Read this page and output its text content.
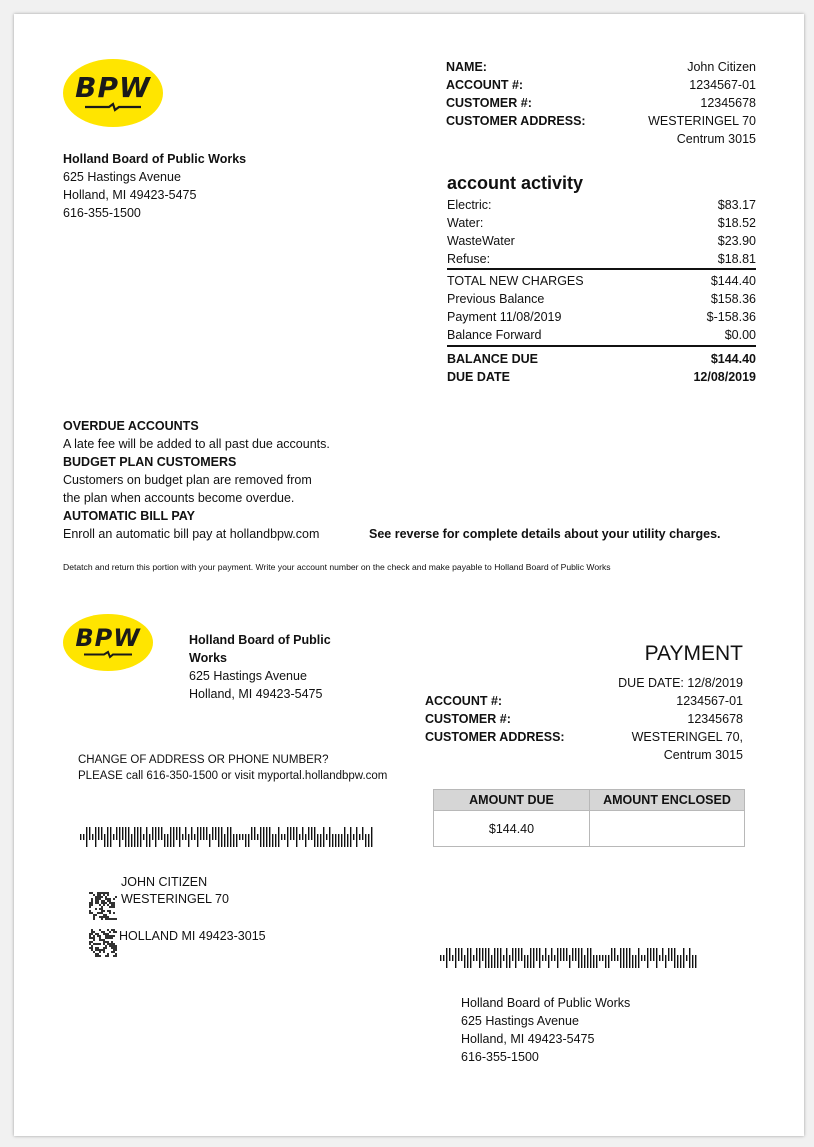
BPW
Holland Board of Public Works
625 Hastings Avenue
Holland, MI 49423-5475
616-355-1500
NAME:	John Citizen
ACCOUNT #:	1234567-01
CUSTOMER #:	12345678
CUSTOMER ADDRESS:	WESTERINGEL 70
Centrum 3015
account activity
Electric:	$83.17
Water:	$18.52
WasteWater	$23.90
Refuse:	$18.81
TOTAL NEW CHARGES	$144.40
Previous Balance	$158.36
Payment 11/08/2019	$-158.36
Balance Forward	$0.00
BALANCE DUE	$144.40
DUE DATE	12/08/2019
OVERDUE ACCOUNTS
A late fee will be added to all past due accounts.
BUDGET PLAN CUSTOMERS
Customers on budget plan are removed from
the plan when accounts become overdue.
AUTOMATIC BILL PAY
Enroll an automatic bill pay at hollandbpw.com	See reverse for complete details about your utility charges.
Detatch and return this portion with your payment. Write your account number on the check and make payable to Holland Board of Public Works
BPW	Holland Board of Public
Works
625 Hastings Avenue
Holland, MI 49423-5475
PAYMENT
DUE DATE: 12/8/2019
ACCOUNT #:	1234567-01
CUSTOMER #:	12345678
CUSTOMER ADDRESS:	WESTERINGEL 70,
Centrum 3015
CHANGE OF ADDRESS OR PHONE NUMBER?
PLEASE call 616-350-1500 or visit myportal.hollandbpw.com
AMOUNT DUE	AMOUNT ENCLOSED
$144.40	
JOHN CITIZEN
WESTERINGEL 70
HOLLAND MI 49423-3015
Holland Board of Public Works
625 Hastings Avenue
Holland, MI 49423-5475
616-355-1500
